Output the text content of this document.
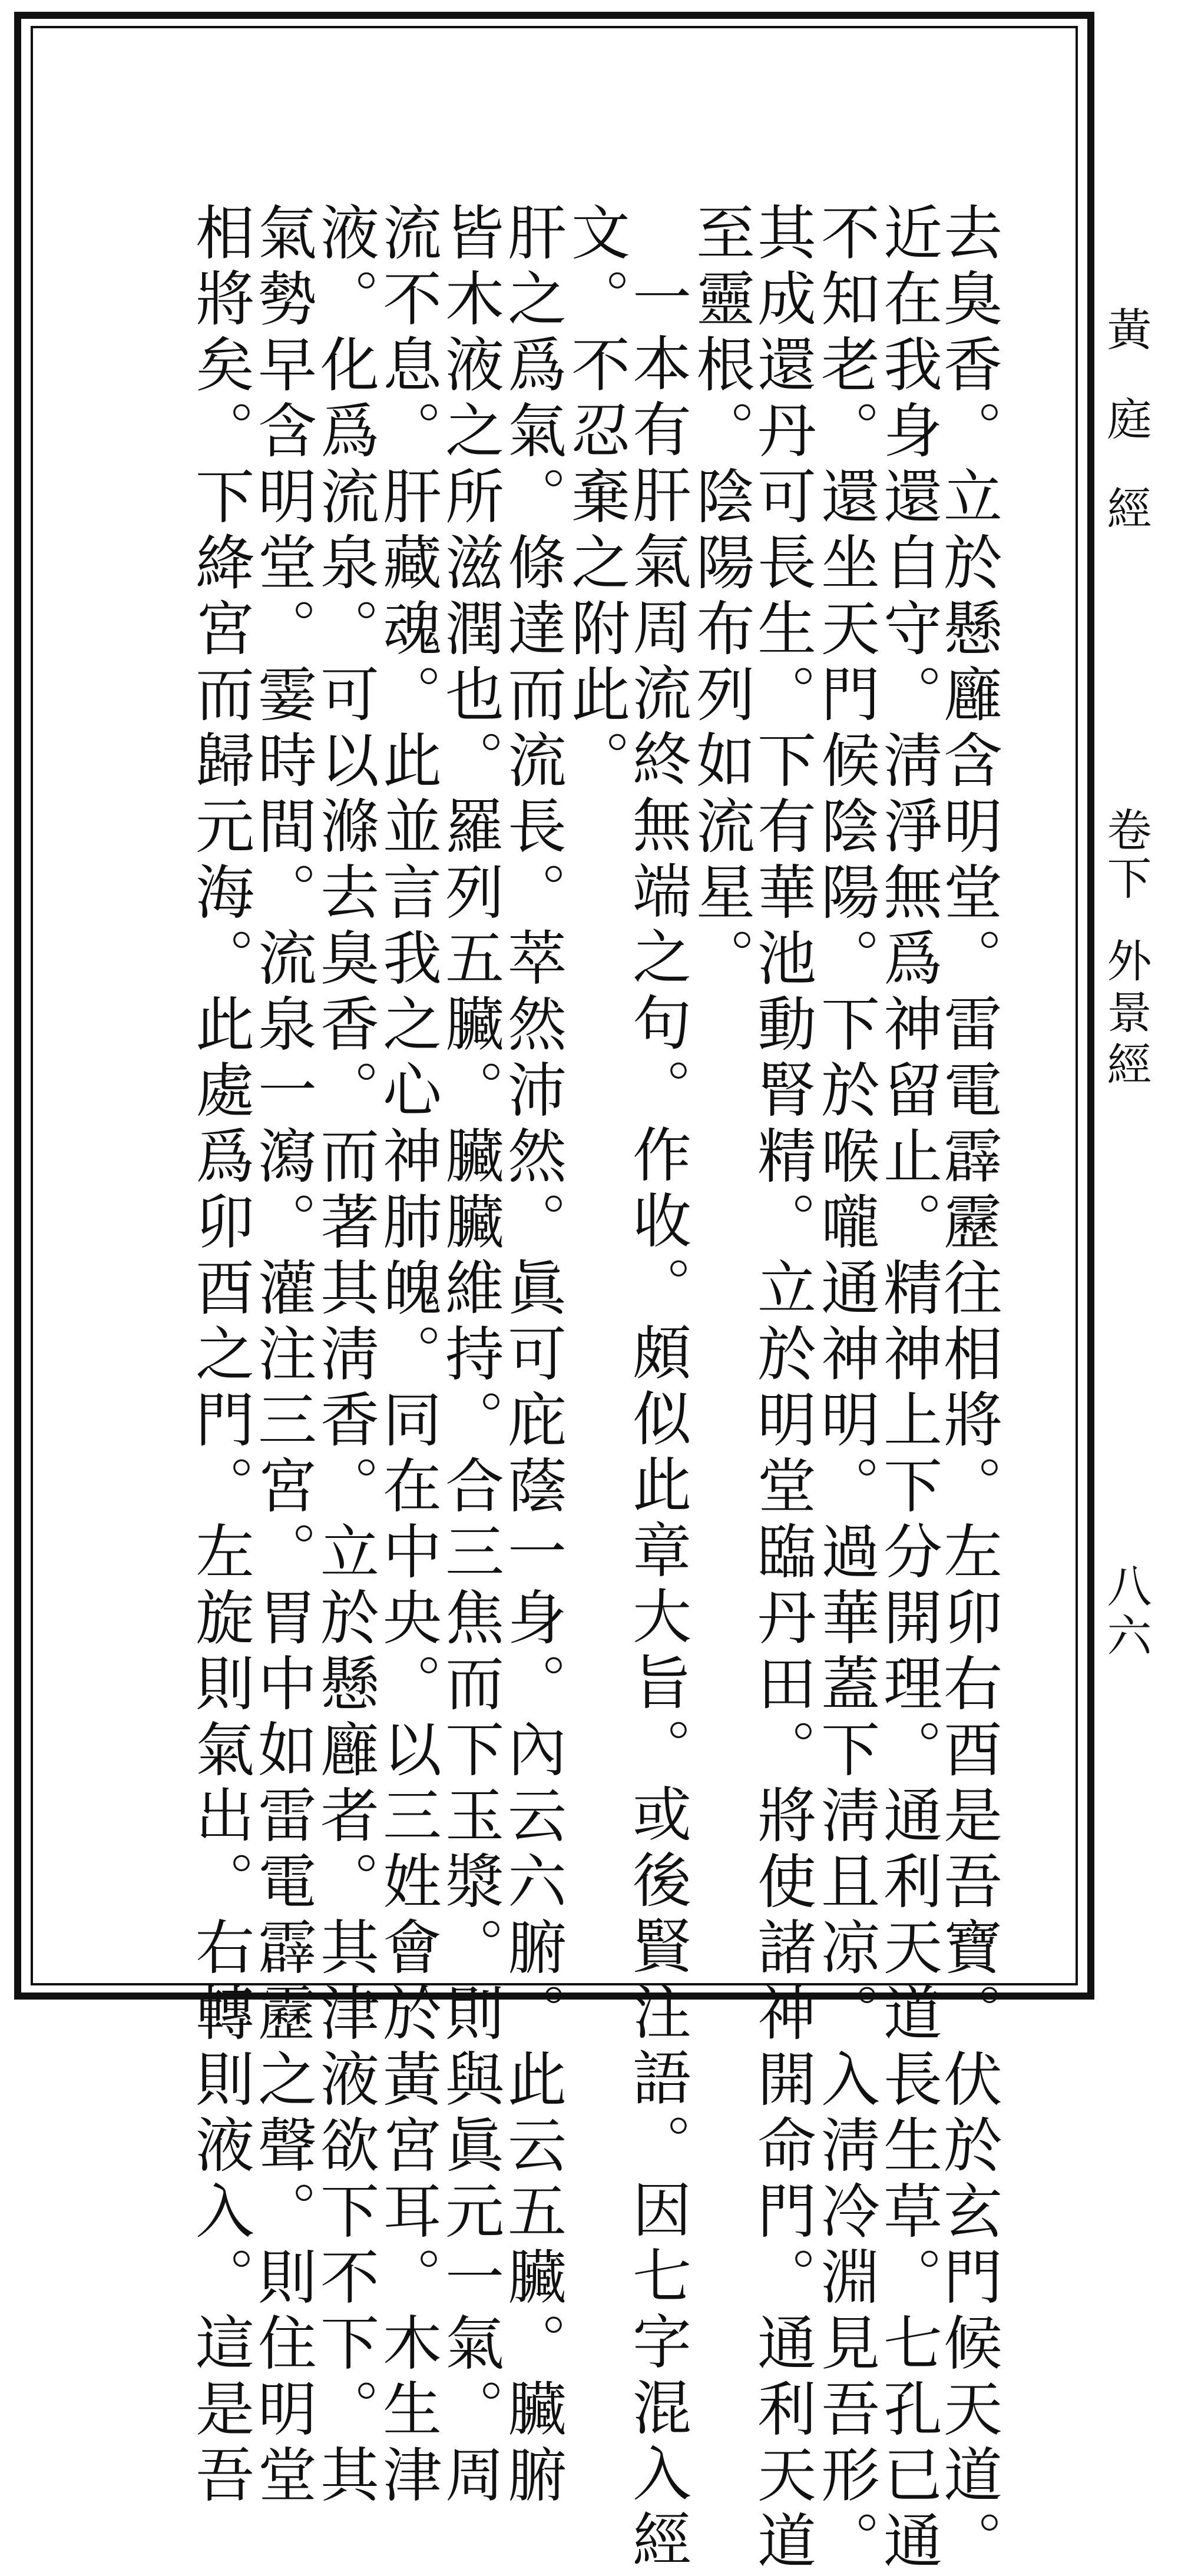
黃庭經
卷下
外景經
去臭香。立於懸廱含明堂。雷電霹靂往相將。左卯右酉是吾寶。伏於玄門候天道。
近在我身還自守。淸淨無爲神留止。精神上下分開理。通利天道長生草。七孔已通
不知老。還坐天門候陰陽。下於喉嚨通神明。過華蓋下淸且凉。入淸冷淵見吾形。
其成還丹可長生。下有華池動腎精。立於明堂臨丹田。將使諸神開命門。通利天道
至靈根。陰陽布列如流星。
一本有肝氣周流終無端之句。作收。頗似此章大旨。或後賢注語。因七字混入經
文。不忍棄之附此。
肝之爲氣。條達而流長。萃然沛然。眞可庇蔭一身。內云六腑。此云五臟。臟腑
皆木液之所滋潤也。羅列五臟。臟臟維持。合三焦而下玉漿。則與眞元一氣。周
流不息。肝藏魂。此並言我之心神肺魄。同在中央。以三姓會於黃宮耳。木生津
液。化爲流泉。可以滌去臭香。而著其淸香。立於懸廱者。其津液欲下不下。其
氣勢早含明堂。霎時間。流泉一瀉。灌注三宮。胃中如雷電霹靂之聲。則住明堂
相將矣。下絳宮而歸元海。此處爲卯酉之門。左旋則氣出。右轉則液入。這是吾	八六
